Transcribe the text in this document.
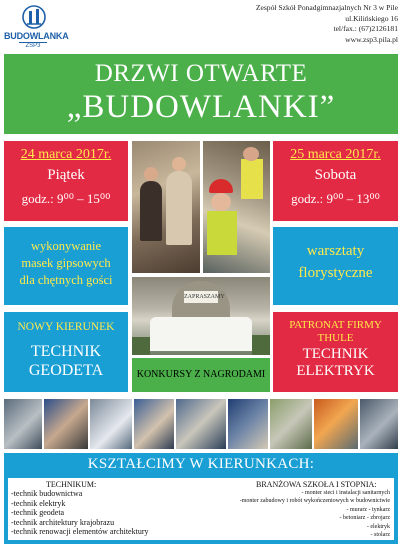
BUDOWLANKA
ZSP3
Zespół Szkół Ponadgimnazjalnych Nr 3 w Pile
ul.Kilińskiego 16
tel/fax.: (67)2126181
www.zsp3.pila.pl
DRZWI OTWARTE
„BUDOWLANKI”
24 marca 2017r.
Piątek
godz.: 9⁰⁰ – 15⁰⁰
25 marca 2017r.
Sobota
godz.: 9⁰⁰ – 13⁰⁰
wykonywanie
masek gipsowych
dla chętnych gości
warsztaty
florystyczne
ZAPRASZAMY
NOWY KIERUNEK
TECHNIK
GEODETA
PATRONAT FIRMY
THULE
TECHNIK
ELEKTRYK
KONKURSY Z NAGRODAMI
KSZTAŁCIMY W KIERUNKACH:
TECHNIKUM:
-technik budownictwa
-technik elektryk
-technik geodeta
-technik architektury krajobrazu
-technik renowacji elementów architektury
BRANŻOWA SZKOŁA I STOPNIA:
- monter sieci i instalacji sanitarnych
-monter zabudowy i robót wykończeniowych w budownictwie
- murarz - tynkarz
- betoniarz - zbrojarz
- elektryk
- stolarz
